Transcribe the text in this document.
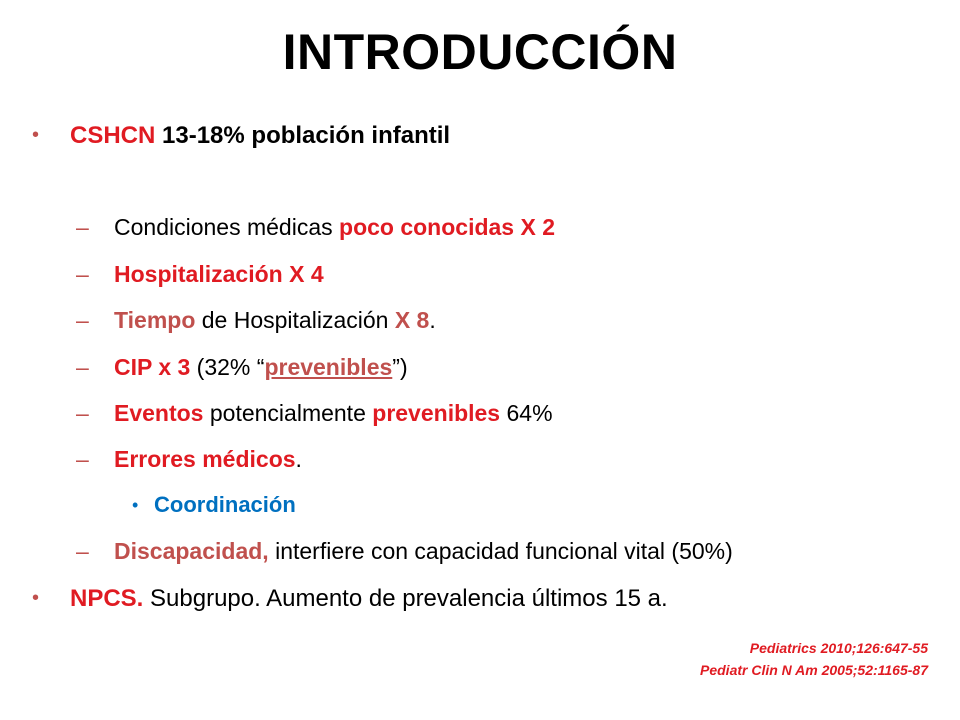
INTRODUCCIÓN
• CSHCN 13-18% población infantil
– Condiciones médicas poco conocidas X 2
– Hospitalización X 4
– Tiempo de Hospitalización X 8.
– CIP x 3 (32% “prevenibles”)
– Eventos potencialmente prevenibles 64%
– Errores médicos.
• Coordinación
– Discapacidad, interfiere con capacidad funcional vital (50%)
• NPCS. Subgrupo. Aumento de prevalencia últimos 15 a.
Pediatrics 2010;126:647-55
Pediatr Clin N Am 2005;52:1165-87
